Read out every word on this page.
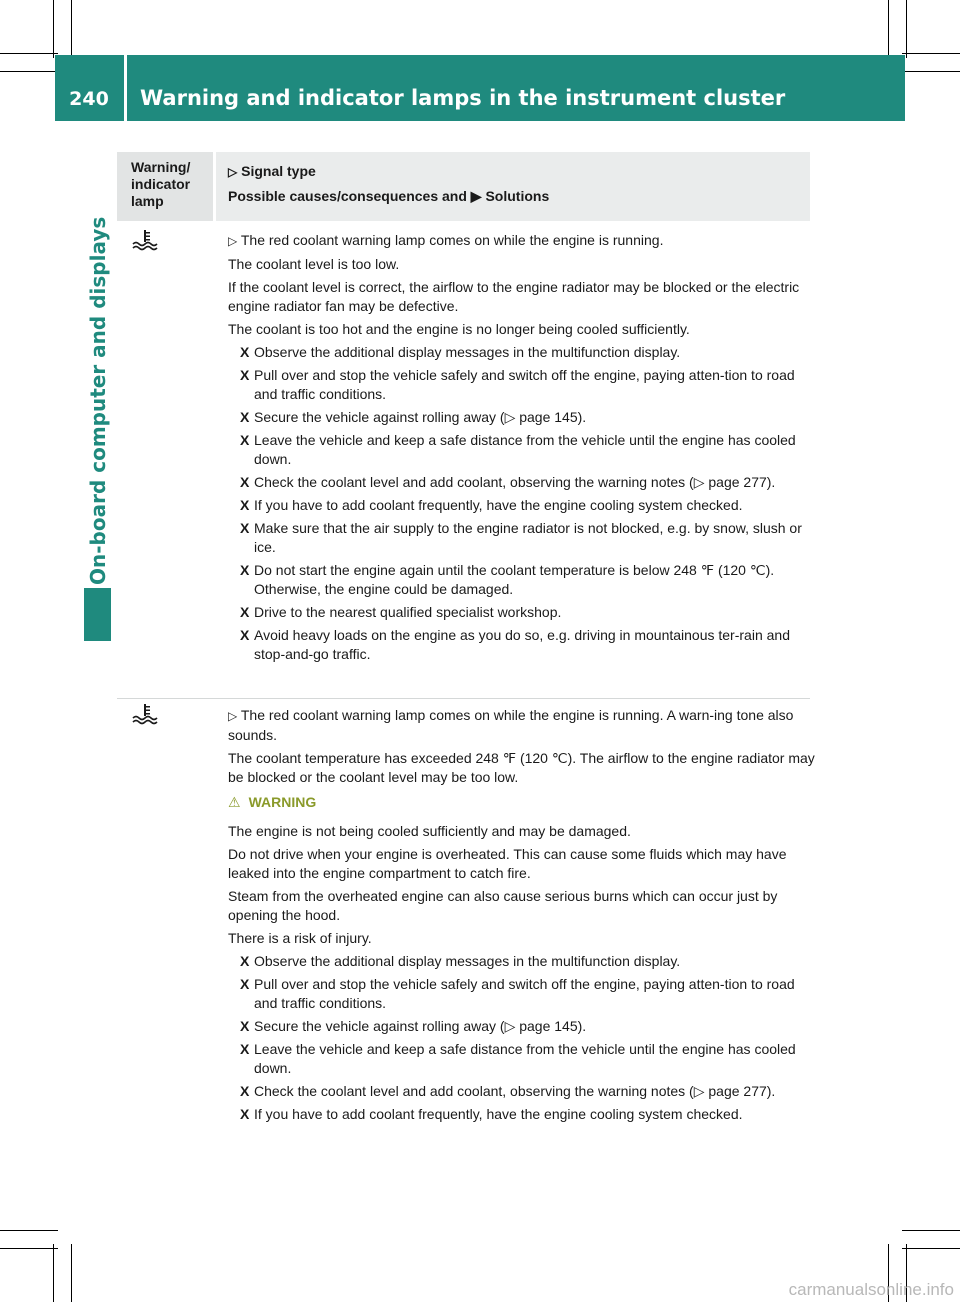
240	Warning and indicator lamps in the instrument cluster
On-board computer and displays
Warning/
indicator
lamp
▷ Signal type
Possible causes/consequences and ▶ Solutions

▷ The red coolant warning lamp comes on while the engine is running.

The coolant level is too low.

If the coolant level is correct, the airflow to the engine radiator may be blocked or the electric engine radiator fan may be defective.

The coolant is too hot and the engine is no longer being cooled sufficiently.

X Observe the additional display messages in the multifunction display.
X Pull over and stop the vehicle safely and switch off the engine, paying atten-tion to road and traffic conditions.
X Secure the vehicle against rolling away (▷ page 145).
X Leave the vehicle and keep a safe distance from the vehicle until the engine has cooled down.
X Check the coolant level and add coolant, observing the warning notes (▷ page 277).
X If you have to add coolant frequently, have the engine cooling system checked.
X Make sure that the air supply to the engine radiator is not blocked, e.g. by snow, slush or ice.
X Do not start the engine again until the coolant temperature is below 248 ℉ (120 ℃). Otherwise, the engine could be damaged.
X Drive to the nearest qualified specialist workshop.
X Avoid heavy loads on the engine as you do so, e.g. driving in mountainous ter-rain and stop-and-go traffic.

▷ The red coolant warning lamp comes on while the engine is running. A warn-ing tone also sounds.

The coolant temperature has exceeded 248 ℉ (120 ℃). The airflow to the engine radiator may be blocked or the coolant level may be too low.

⚠ WARNING

The engine is not being cooled sufficiently and may be damaged.

Do not drive when your engine is overheated. This can cause some fluids which may have leaked into the engine compartment to catch fire.

Steam from the overheated engine can also cause serious burns which can occur just by opening the hood.

There is a risk of injury.

X Observe the additional display messages in the multifunction display.
X Pull over and stop the vehicle safely and switch off the engine, paying atten-tion to road and traffic conditions.
X Secure the vehicle against rolling away (▷ page 145).
X Leave the vehicle and keep a safe distance from the vehicle until the engine has cooled down.
X Check the coolant level and add coolant, observing the warning notes (▷ page 277).
X If you have to add coolant frequently, have the engine cooling system checked.
carmanualsonline.info
